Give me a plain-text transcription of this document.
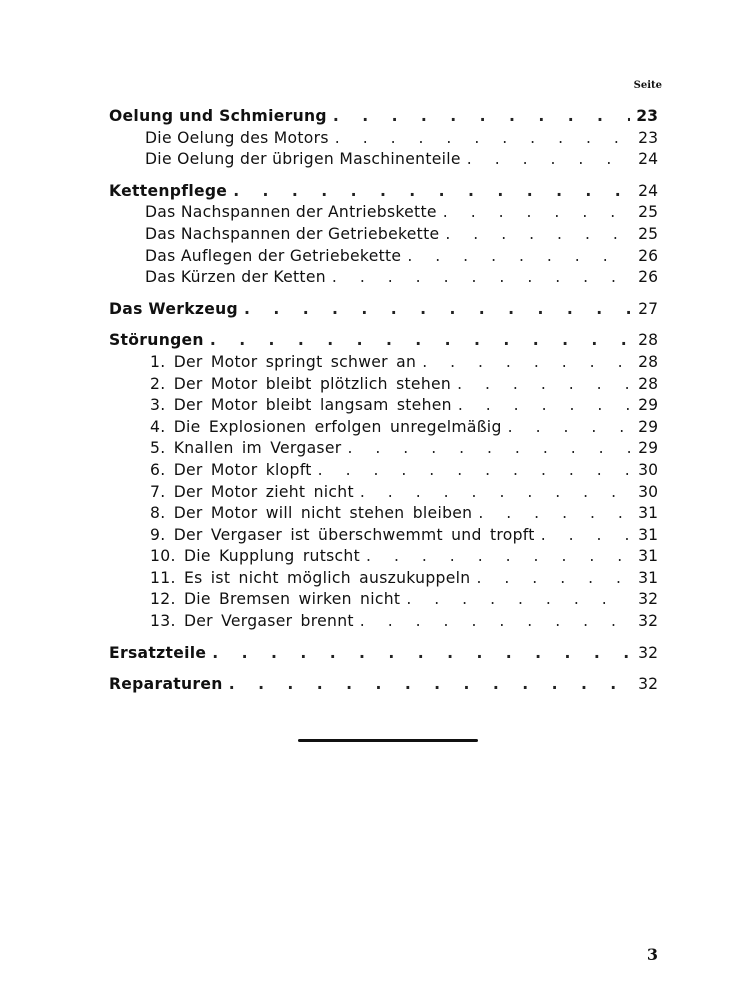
Seite
Oelung und Schmierung . . .	23
Die Oelung des Motors . . .	23
Die Oelung der übrigen Maschinenteile . . .	24
Kettenpflege . . .	24
Das Nachspannen der Antriebskette . . .	25
Das Nachspannen der Getriebekette . . .	25
Das Auflegen der Getriebekette . . .	26
Das Kürzen der Ketten . . .	26
Das Werkzeug . . .	27
Störungen . . .	28
1. Der Motor springt schwer an . . .	28
2. Der Motor bleibt plötzlich stehen . . .	28
3. Der Motor bleibt langsam stehen . . .	29
4. Die Explosionen erfolgen unregelmäßig . . .	29
5. Knallen im Vergaser . . .	29
6. Der Motor klopft . . .	30
7. Der Motor zieht nicht . . .	30
8. Der Motor will nicht stehen bleiben . . .	31
9. Der Vergaser ist überschwemmt und tropft . . .	31
10. Die Kupplung rutscht . . .	31
11. Es ist nicht möglich auszukuppeln . . .	31
12. Die Bremsen wirken nicht . . .	32
13. Der Vergaser brennt . . .	32
Ersatzteile . . .	32
Reparaturen . . .	32
3
